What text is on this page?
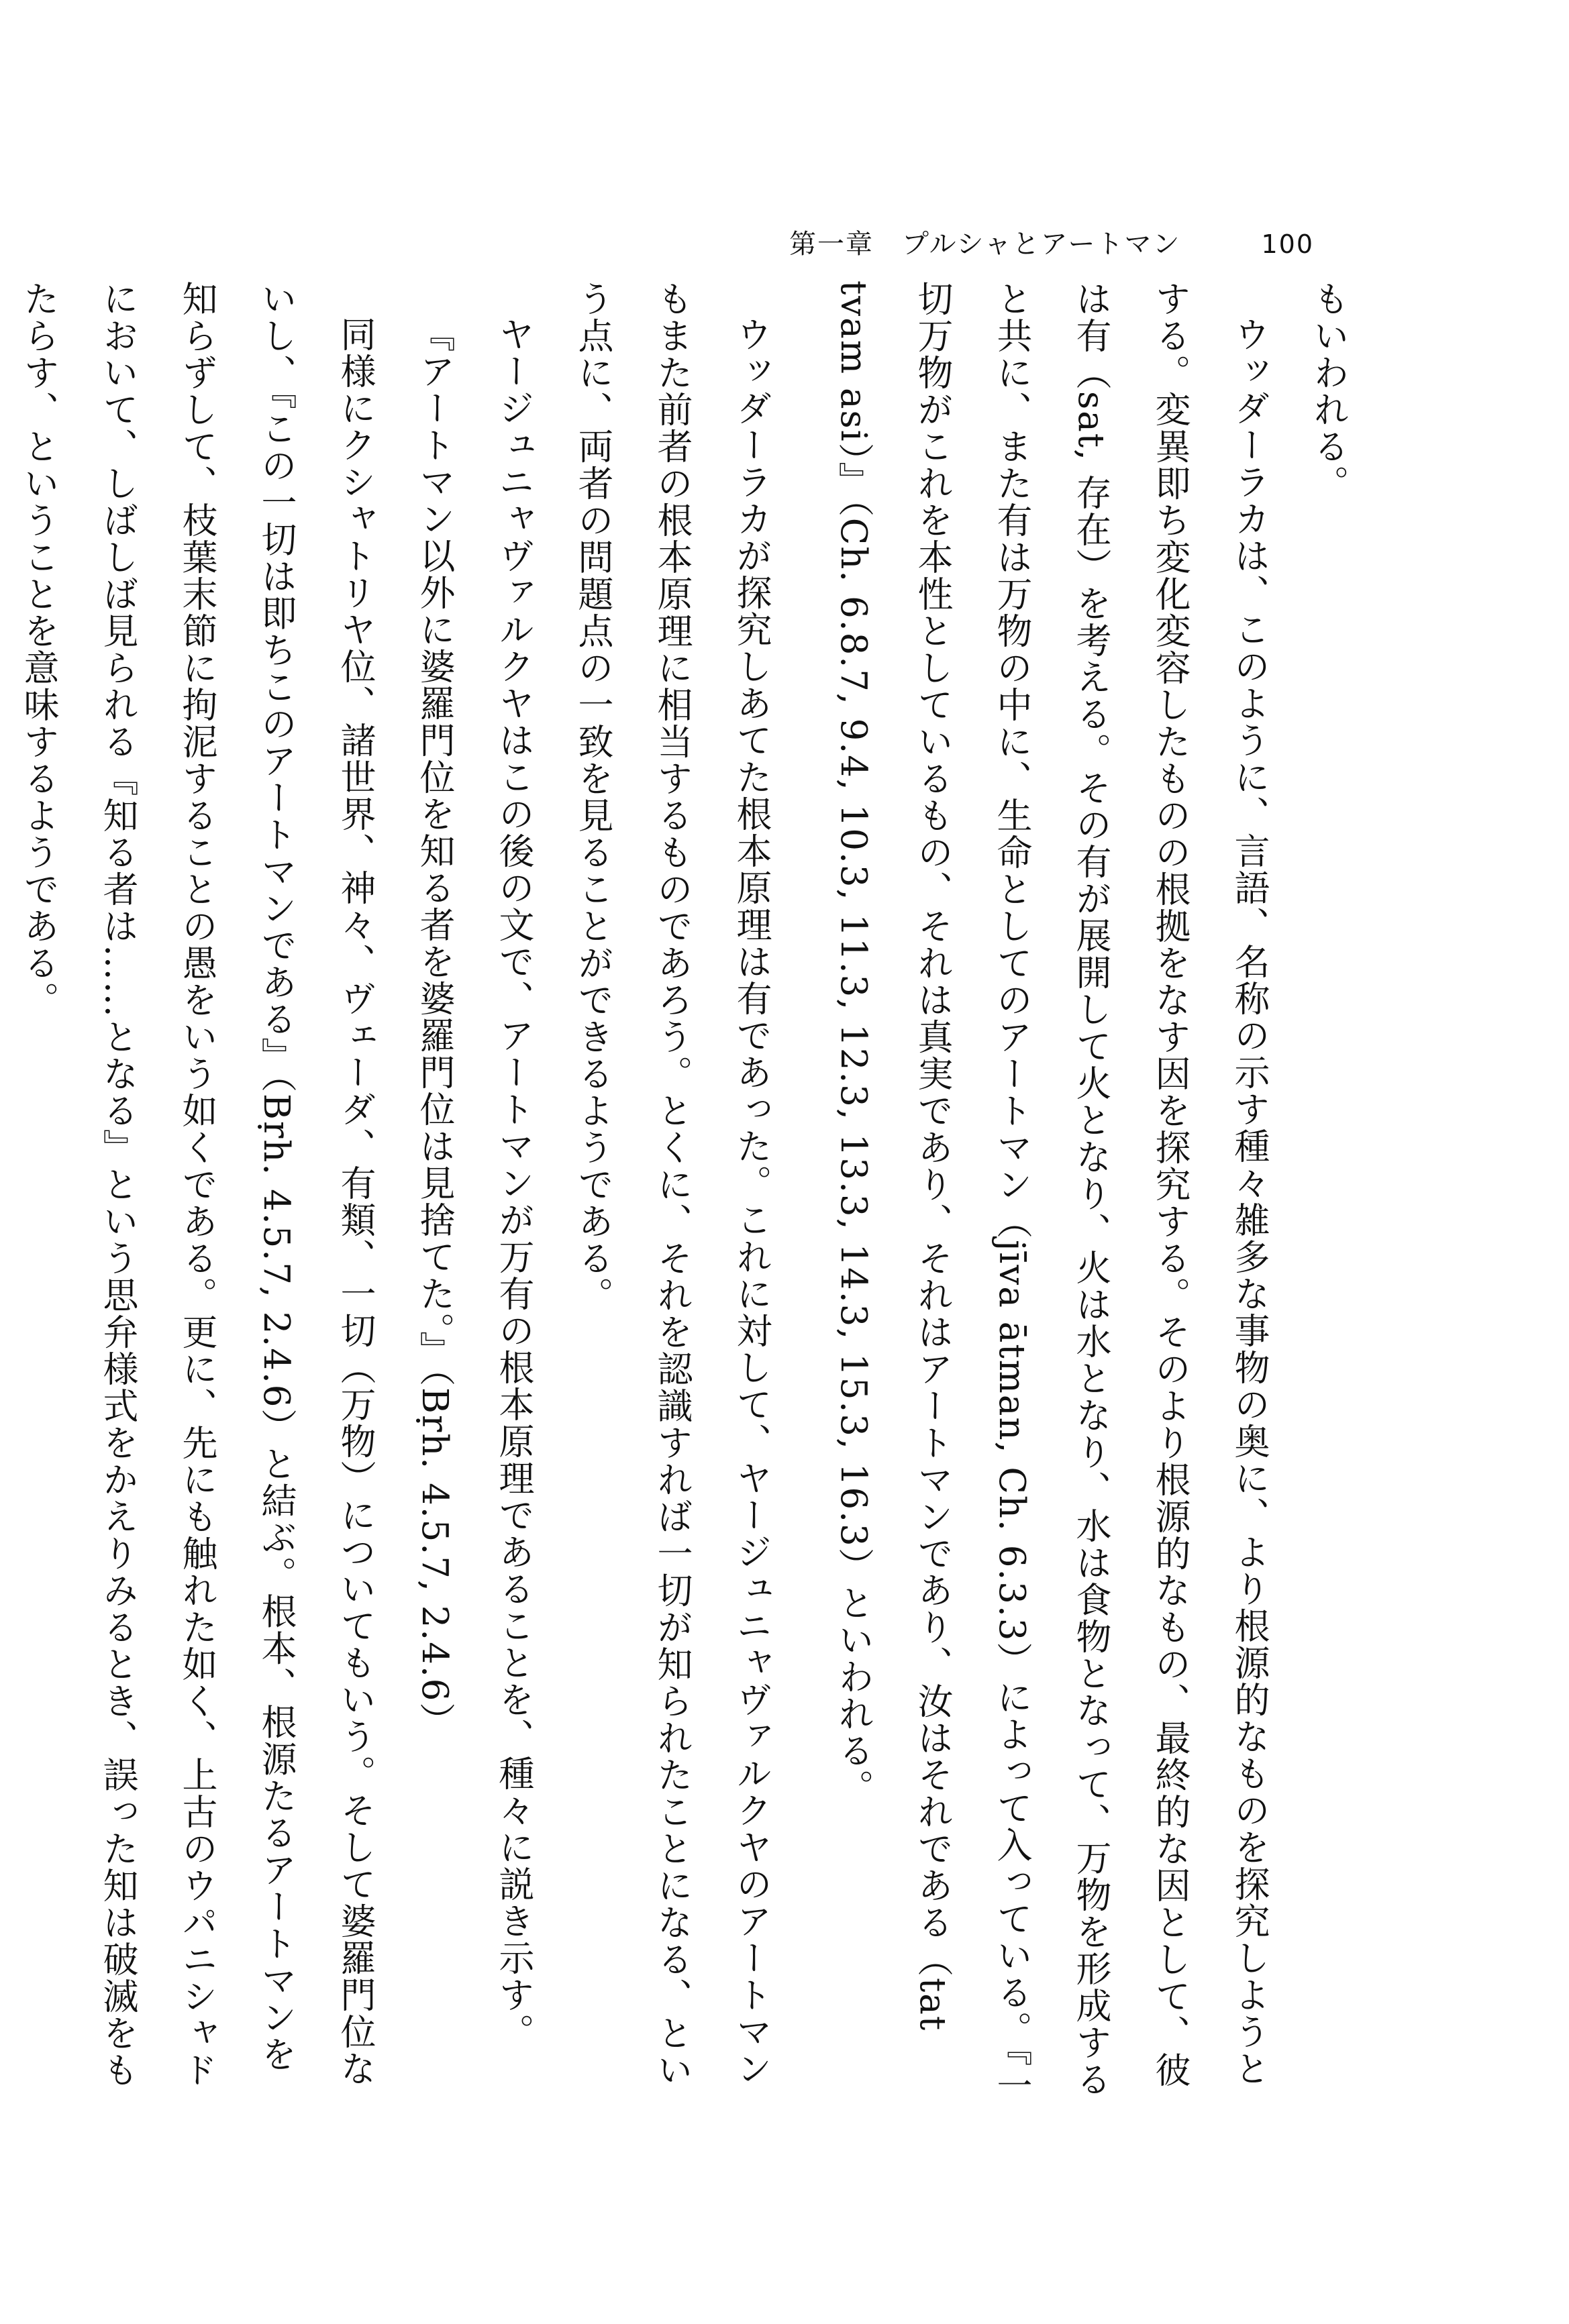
第一章　プルシャとアートマン	100

もいわれる。

ウッダーラカは、このように、言語、名称の示す種々雑多な事物の奥に、より根源的なものを探究しようとする。変異即ち変化変容したものの根拠をなす因を探究する。そのより根源的なもの、最終的な因として、彼は有（sat, 存在）を考える。その有が展開して火となり、火は水となり、水は食物となって、万物を形成すると共に、また有は万物の中に、生命としてのアートマン（jīva ātman, Ch. 6.3.3）によって入っている。『一切万物がこれを本性としているもの、それは真実であり、それはアートマンであり、汝はそれである（tat tvam asi）』（Ch. 6.8.7, 9.4, 10.3, 11.3, 12.3, 13.3, 14.3, 15.3, 16.3）といわれる。

ウッダーラカが探究しあてた根本原理は有であった。これに対して、ヤージュニャヴァルクヤのアートマンもまた前者の根本原理に相当するものであろう。とくに、それを認識すれば一切が知られたことになる、という点に、両者の問題点の一致を見ることができるようである。

ヤージュニャヴァルクヤはこの後の文で、アートマンが万有の根本原理であることを、種々に説き示す。

『アートマン以外に婆羅門位を知る者を婆羅門位は見捨てた。』（Bṛh. 4.5.7, 2.4.6）

同様にクシャトリヤ位、諸世界、神々、ヴェーダ、有類、一切（万物）についてもいう。そして婆羅門位ないし、『この一切は即ちこのアートマンである』（Bṛh. 4.5.7, 2.4.6）と結ぶ。根本、根源たるアートマンを知らずして、枝葉末節に拘泥することの愚をいう如くである。更に、先にも触れた如く、上古のウパニシャドにおいて、しばしば見られる『知る者は……となる』という思弁様式をかえりみるとき、誤った知は破滅をもたらす、ということを意味するようである。
